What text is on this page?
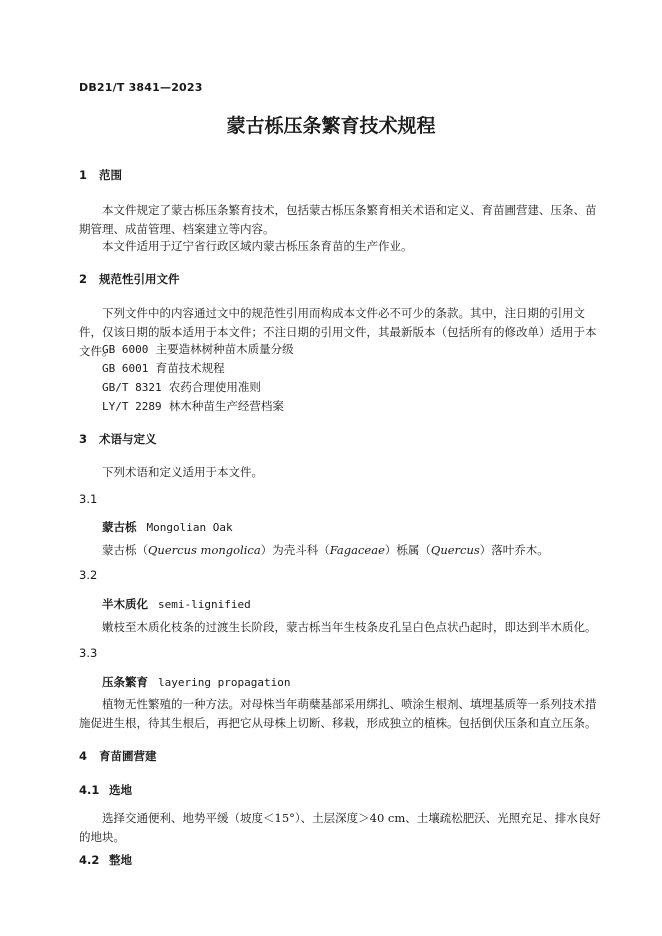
DB21/T 3841—2023
蒙古栎压条繁育技术规程
1 范围
本文件规定了蒙古栎压条繁育技术，包括蒙古栎压条繁育相关术语和定义、育苗圃营建、压条、苗期管理、成苗管理、档案建立等内容。
本文件适用于辽宁省行政区域内蒙古栎压条育苗的生产作业。
2 规范性引用文件
下列文件中的内容通过文中的规范性引用而构成本文件必不可少的条款。其中，注日期的引用文件，仅该日期的版本适用于本文件；不注日期的引用文件，其最新版本（包括所有的修改单）适用于本文件。
GB 6000 主要造林树种苗木质量分级
GB 6001 育苗技术规程
GB/T 8321 农药合理使用准则
LY/T 2289 林木种苗生产经营档案
3 术语与定义
下列术语和定义适用于本文件。
3.1
蒙古栎 Mongolian Oak
蒙古栎（Quercus mongolica）为壳斗科（Fagaceae）栎属（Quercus）落叶乔木。
3.2
半木质化 semi-lignified
嫩枝至木质化枝条的过渡生长阶段，蒙古栎当年生枝条皮孔呈白色点状凸起时，即达到半木质化。
3.3
压条繁育 layering propagation
植物无性繁殖的一种方法。对母株当年萌蘖基部采用绑扎、喷涂生根剂、填埋基质等一系列技术措施促进生根，待其生根后，再把它从母株上切断、移栽，形成独立的植株。包括倒伏压条和直立压条。
4 育苗圃营建
4.1 选地
选择交通便利、地势平缓（坡度＜15°）、土层深度＞40 cm、土壤疏松肥沃、光照充足、排水良好的地块。
4.2 整地
